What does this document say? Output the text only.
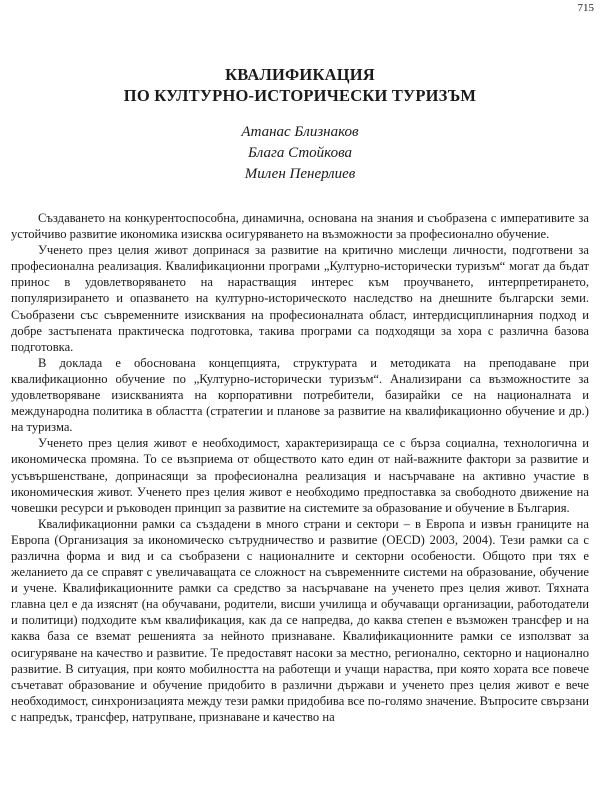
715
КВАЛИФИКАЦИЯ
ПО КУЛТУРНО-ИСТОРИЧЕСКИ ТУРИЗЪМ
Атанас Близнаков
Блага Стойкова
Милен Пенерлиев

Създаването на конкурентоспособна, динамична, основана на знания и съобразена с императивите за устойчиво развитие икономика изисква осигуряването на възможности за професионално обучение.

Ученето през целия живот допринася за развитие на критично мислещи личности, подготвени за професионална реализация. Квалификационни програми „Културно-исторически туризъм“ могат да бъдат принос в удовлетворяването на нарастващия интерес към проучването, интерпретирането, популяризирането и опазването на културно-историческото наследство на днешните български земи. Съобразени със съвременните изисквания на професионалната област, интердисциплинарния подход и добре застъпената практическа подготовка, такива програми са подходящи за хора с различна базова подготовка.

В доклада е обоснована концепцията, структурата и методиката на преподаване при квалификационно обучение по „Културно-исторически туризъм“. Анализирани са възможностите за удовлетворяване изискванията на корпоративни потребители, базирайки се на националната и международна политика в областта (стратегии и планове за развитие на квалификационно обучение и др.) на туризма.

Ученето през целия живот е необходимост, характеризираща се с бърза социална, технологична и икономическа промяна. То се възприема от обществото като един от най-важните фактори за развитие и усъвършенстване, допринасящи за професионална реализация и насърчаване на активно участие в икономическия живот. Ученето през целия живот е необходимо предпоставка за свободното движение на човешки ресурси и ръководен принцип за развитие на системите за образование и обучение в България.

Квалификационни рамки са създадени в много страни и сектори – в Европа и извън границите на Европа (Организация за икономическо сътрудничество и развитие (OECD) 2003, 2004). Тези рамки са с различна форма и вид и са съобразени с националните и секторни особености. Общото при тях е желанието да се справят с увеличаващата се сложност на съвременните системи на образование, обучение и учене. Квалификационните рамки са средство за насърчаване на ученето през целия живот. Тяхната главна цел е да изяснят (на обучавани, родители, висши училища и обучаващи организации, работодатели и политици) подходите към квалификация, как да се напредва, до каква степен е възможен трансфер и на каква база се вземат решенията за нейното признаване. Квалификационните рамки се използват за осигуряване на качество и развитие. Те предоставят насоки за местно, регионално, секторно и национално развитие. В ситуация, при която мобилността на работещи и учащи нараства, при която хората все повече съчетават образование и обучение придобито в различни държави и ученето през целия живот е вече необходимост, синхронизацията между тези рамки придобива все по-голямо значение. Въпросите свързани с напредък, трансфер, натрупване, признаване и качество на
